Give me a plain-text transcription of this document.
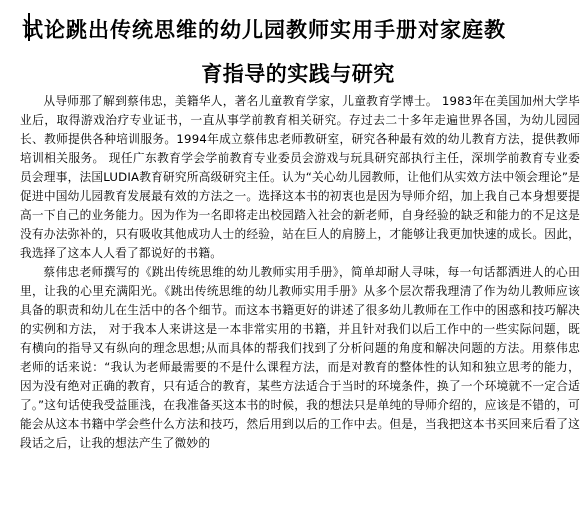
试论跳出传统思维的幼儿园教师实用手册对家庭教
育指导的实践与研究

从导师那了解到蔡伟忠，美籍华人，著名儿童教育学家，儿童教育学博士。 1983年在美国加州大学毕业后，取得游戏治疗专业证书，一直从事学前教育相关研究。存过去二十多年走遍世界各国，为幼儿园园长、教师提供各种培训服务。1994年成立蔡伟忠老师教研室，研究各种最有效的幼儿教育方法，提供教师培训相关服务。 现任广东教育学会学前教育专业委员会游戏与玩具研究部执行主任，深圳学前教育专业委员会理事，法国LUDIA教育研究所高级研究主任。认为“关心幼儿园教师，让他们从实效方法中领会理论”是促进中国幼儿园教育发展最有效的方法之一。选择这本书的初衷也是因为导师介绍，加上我自己本身想要提高一下自己的业务能力。因为作为一名即将走出校园踏入社会的新老师，自身经验的缺乏和能力的不足这是没有办法弥补的，只有吸收其他成功人士的经验，站在巨人的肩膀上，才能够让我更加快速的成长。因此，我选择了这本人人看了都说好的书籍。

蔡伟忠老师撰写的《跳出传统思维的幼儿教师实用手册》，简单却耐人寻味，每一句话都洒进人的心田里，让我的心里充满阳光。《跳出传统思维的幼儿教师实用手册》从多个层次帮我理清了作为幼儿教师应该具备的职责和幼儿在生活中的各个细节。而这本书籍更好的讲述了很多幼儿教师在工作中的困惑和技巧解决的实例和方法， 对于我本人来讲这是一本非常实用的书籍，并且针对我们以后工作中的一些实际问题，既有横向的指导又有纵向的理念思想;从而具体的帮我们找到了分析问题的角度和解决问题的方法。用蔡伟忠老师的话来说：“我认为老师最需要的不是什么课程方法，而是对教育的整体性的认知和独立思考的能力，因为没有绝对正确的教育，只有适合的教育，某些方法适合于当时的环境条件，换了一个环境就不一定合适了。”这句话使我受益匪浅，在我准备买这本书的时候，我的想法只是单纯的导师介绍的，应该是不错的，可能会从这本书籍中学会些什么方法和技巧，然后用到以后的工作中去。但是，当我把这本书买回来后看了这段话之后，让我的想法产生了微妙的
